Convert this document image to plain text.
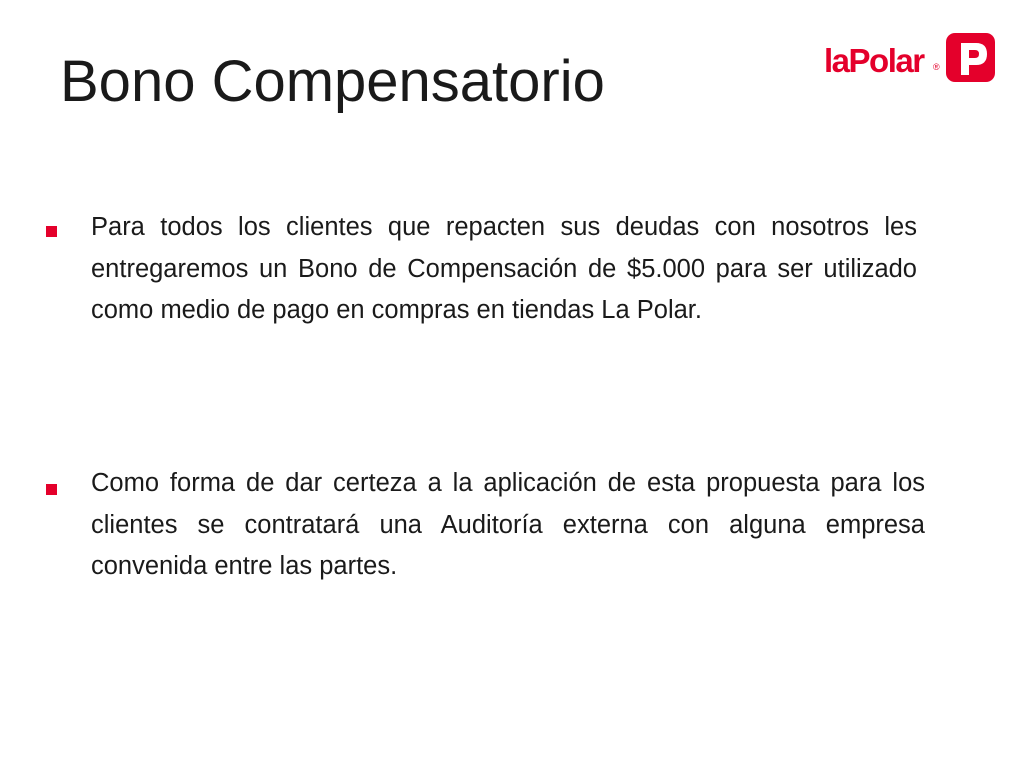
Bono Compensatorio	laPolar ®

Para todos los clientes que repacten sus deudas con nosotros les entregaremos un Bono de Compensación de $5.000 para ser utilizado como medio de pago en compras en tiendas La Polar.

Como forma de dar certeza a la aplicación de esta propuesta para los clientes se contratará una Auditoría externa con alguna empresa convenida entre las partes.
